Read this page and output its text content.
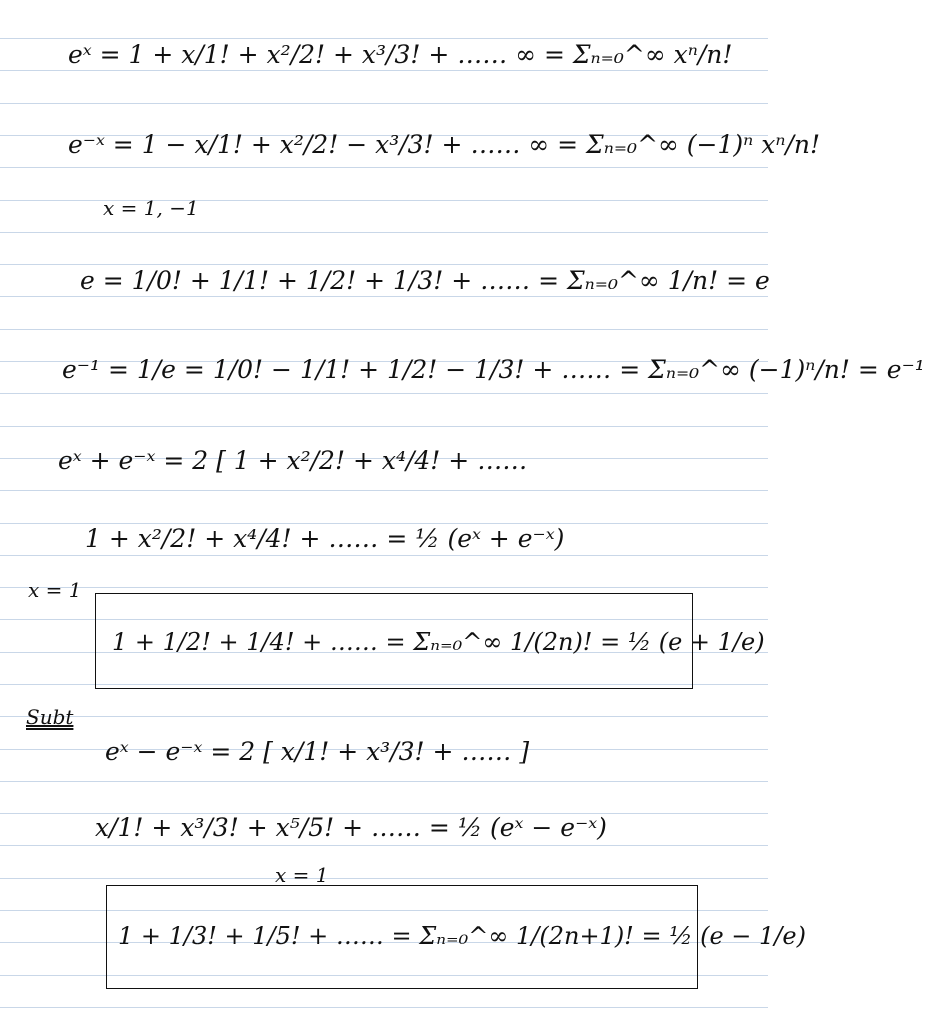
eˣ = 1 + x/1! + x²/2! + x³/3! + …… ∞ = Σₙ₌₀^∞ xⁿ/n!
e⁻ˣ = 1 − x/1! + x²/2! − x³/3! + …… ∞ = Σₙ₌₀^∞ (−1)ⁿ xⁿ/n!
x = 1, −1
e = 1/0! + 1/1! + 1/2! + 1/3! + …… = Σₙ₌₀^∞ 1/n! = e
e⁻¹ = 1/e = 1/0! − 1/1! + 1/2! − 1/3! + …… = Σₙ₌₀^∞ (−1)ⁿ/n! = e⁻¹
eˣ + e⁻ˣ = 2 [ 1 + x²/2! + x⁴/4! + ……
1 + x²/2! + x⁴/4! + …… = ½ (eˣ + e⁻ˣ)
x = 1
1 + 1/2! + 1/4! + …… = Σₙ₌₀^∞ 1/(2n)! = ½ (e + 1/e)
Subt
eˣ − e⁻ˣ = 2 [ x/1! + x³/3! + …… ]
x/1! + x³/3! + x⁵/5! + …… = ½ (eˣ − e⁻ˣ)
x = 1
1 + 1/3! + 1/5! + …… = Σₙ₌₀^∞ 1/(2n+1)! = ½ (e − 1/e)
